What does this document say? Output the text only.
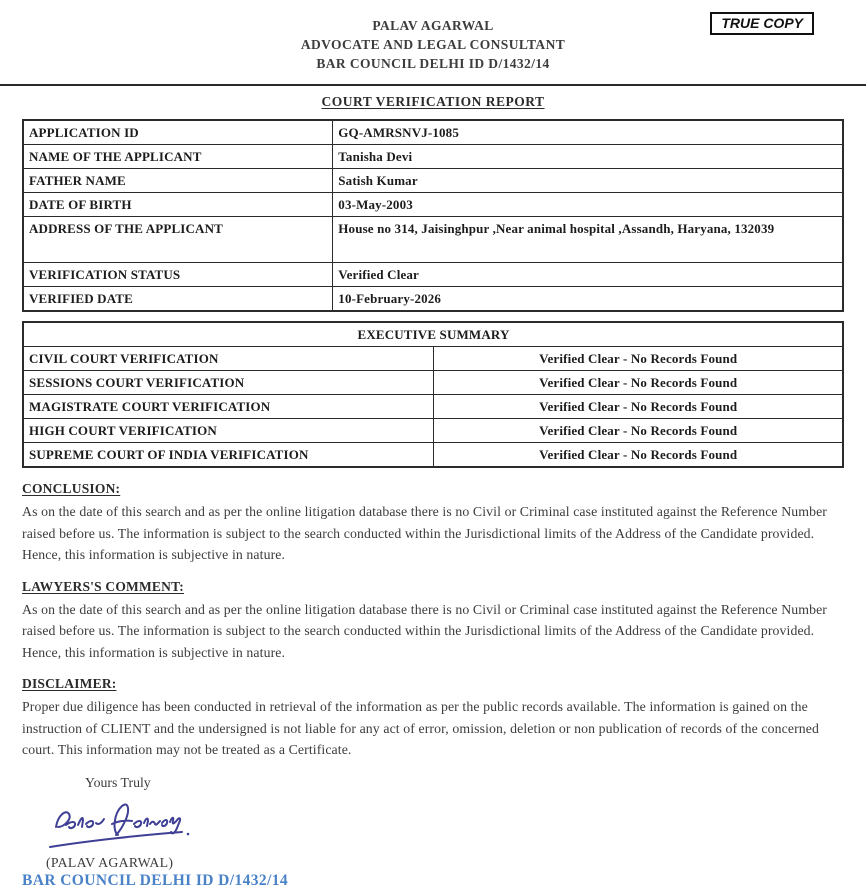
PALAV AGARWAL
ADVOCATE AND LEGAL CONSULTANT
BAR COUNCIL DELHI ID D/1432/14
TRUE COPY
COURT VERIFICATION REPORT
APPLICATION ID	GQ-AMRSNVJ-1085
NAME OF THE APPLICANT	Tanisha Devi
FATHER NAME	Satish Kumar
DATE OF BIRTH	03-May-2003
ADDRESS OF THE APPLICANT	House no 314, Jaisinghpur ,Near animal hospital ,Assandh, Haryana, 132039
VERIFICATION STATUS	Verified Clear
VERIFIED DATE	10-February-2026
EXECUTIVE SUMMARY	
CIVIL COURT VERIFICATION	Verified Clear - No Records Found
SESSIONS COURT VERIFICATION	Verified Clear - No Records Found
MAGISTRATE COURT VERIFICATION	Verified Clear - No Records Found
HIGH COURT VERIFICATION	Verified Clear - No Records Found
SUPREME COURT OF INDIA VERIFICATION	Verified Clear - No Records Found
CONCLUSION:
As on the date of this search and as per the online litigation database there is no Civil or Criminal case instituted against the Reference Number raised before us. The information is subject to the search conducted within the Jurisdictional limits of the Address of the Candidate provided. Hence, this information is subjective in nature.
LAWYERS'S COMMENT:
As on the date of this search and as per the online litigation database there is no Civil or Criminal case instituted against the Reference Number raised before us. The information is subject to the search conducted within the Jurisdictional limits of the Address of the Candidate provided. Hence, this information is subjective in nature.
DISCLAIMER:
Proper due diligence has been conducted in retrieval of the information as per the public records available. The information is gained on the instruction of CLIENT and the undersigned is not liable for any act of error, omission, deletion or non publication of records of the concerned court. This information may not be treated as a Certificate.
Yours Truly
(PALAV AGARWAL)
BAR COUNCIL DELHI ID D/1432/14
